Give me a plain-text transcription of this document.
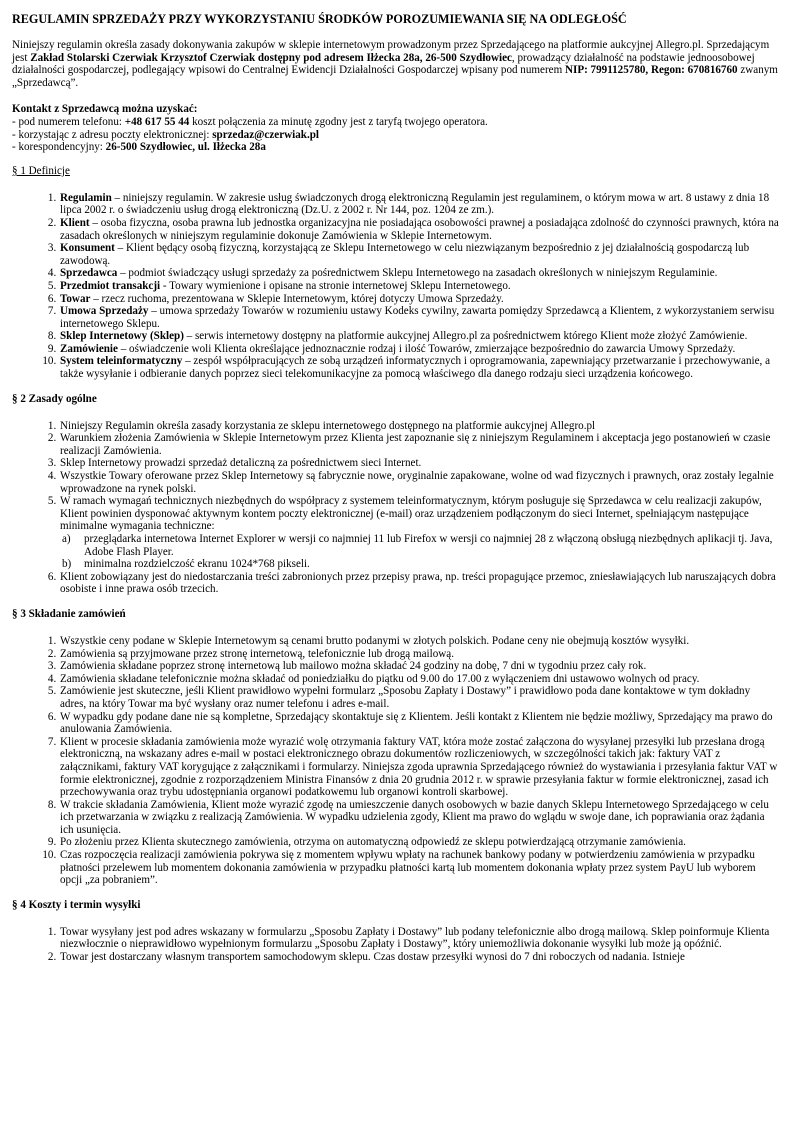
REGULAMIN SPRZEDAŻY PRZY WYKORZYSTANIU ŚRODKÓW POROZUMIEWANIA SIĘ NA ODLEGŁOŚĆ

Niniejszy regulamin określa zasady dokonywania zakupów w sklepie internetowym prowadzonym przez Sprzedającego na platformie aukcyjnej Allegro.pl. Sprzedającym jest Zakład Stolarski Czerwiak Krzysztof Czerwiak dostępny pod adresem Iłżecka 28a, 26-500 Szydłowiec, prowadzący działalność na podstawie jednoosobowej działalności gospodarczej, podlegający wpisowi do Centralnej Ewidencji Działalności Gospodarczej wpisany pod numerem NIP: 7991125780, Regon: 670816760 zwanym „Sprzedawcą”.

Kontakt z Sprzedawcą można uzyskać:

- pod numerem telefonu: +48 617 55 44 koszt połączenia za minutę zgodny jest z taryfą twojego operatora.

- korzystając z adresu poczty elektronicznej: sprzedaz@czerwiak.pl

- korespondencyjny: 26-500 Szydłowiec, ul. Iłżecka 28a

§ 1 Definicje

1. Regulamin – niniejszy regulamin. W zakresie usług świadczonych drogą elektroniczną Regulamin jest regulaminem, o którym mowa w art. 8 ustawy z dnia 18 lipca 2002 r. o świadczeniu usług drogą elektroniczną (Dz.U. z 2002 r. Nr 144, poz. 1204 ze zm.).
2. Klient – osoba fizyczna, osoba prawna lub jednostka organizacyjna nie posiadająca osobowości prawnej a posiadająca zdolność do czynności prawnych, która na zasadach określonych w niniejszym regulaminie dokonuje Zamówienia w Sklepie Internetowym.
3. Konsument – Klient będący osobą fizyczną, korzystającą ze Sklepu Internetowego w celu niezwiązanym bezpośrednio z jej działalnością gospodarczą lub zawodową.
4. Sprzedawca – podmiot świadczący usługi sprzedaży za pośrednictwem Sklepu Internetowego na zasadach określonych w niniejszym Regulaminie.
5. Przedmiot transakcji - Towary wymienione i opisane na stronie internetowej Sklepu Internetowego.
6. Towar – rzecz ruchoma, prezentowana w Sklepie Internetowym, której dotyczy Umowa Sprzedaży.
7. Umowa Sprzedaży – umowa sprzedaży Towarów w rozumieniu ustawy Kodeks cywilny, zawarta pomiędzy Sprzedawcą a Klientem, z wykorzystaniem serwisu internetowego Sklepu.
8. Sklep Internetowy (Sklep) – serwis internetowy dostępny na platformie aukcyjnej Allegro.pl za pośrednictwem którego Klient może złożyć Zamówienie.
9. Zamówienie – oświadczenie woli Klienta określające jednoznacznie rodzaj i ilość Towarów, zmierzające bezpośrednio do zawarcia Umowy Sprzedaży.
10. System teleinformatyczny – zespół współpracujących ze sobą urządzeń informatycznych i oprogramowania, zapewniający przetwarzanie i przechowywanie, a także wysyłanie i odbieranie danych poprzez sieci telekomunikacyjne za pomocą właściwego dla danego rodzaju sieci urządzenia końcowego.

§ 2 Zasady ogólne

1. Niniejszy Regulamin określa zasady korzystania ze sklepu internetowego dostępnego na platformie aukcyjnej Allegro.pl
2. Warunkiem złożenia Zamówienia w Sklepie Internetowym przez Klienta jest zapoznanie się z niniejszym Regulaminem i akceptacja jego postanowień w czasie realizacji Zamówienia.
3. Sklep Internetowy prowadzi sprzedaż detaliczną za pośrednictwem sieci Internet.
4. Wszystkie Towary oferowane przez Sklep Internetowy są fabrycznie nowe, oryginalnie zapakowane, wolne od wad fizycznych i prawnych, oraz zostały legalnie wprowadzone na rynek polski.
5. W ramach wymagań technicznych niezbędnych do współpracy z systemem teleinformatycznym, którym posługuje się Sprzedawca w celu realizacji zakupów, Klient powinien dysponować aktywnym kontem poczty elektronicznej (e-mail) oraz urządzeniem podłączonym do sieci Internet, spełniającym następujące minimalne wymagania techniczne:
a) przeglądarka internetowa Internet Explorer w wersji co najmniej 11 lub Firefox w wersji co najmniej 28 z włączoną obsługą niezbędnych aplikacji tj. Java, Adobe Flash Player.
b) minimalna rozdzielczość ekranu 1024*768 pikseli.
6. Klient zobowiązany jest do niedostarczania treści zabronionych przez przepisy prawa, np. treści propagujące przemoc, zniesławiających lub naruszających dobra osobiste i inne prawa osób trzecich.

§ 3 Składanie zamówień

1. Wszystkie ceny podane w Sklepie Internetowym są cenami brutto podanymi w złotych polskich. Podane ceny nie obejmują kosztów wysyłki.
2. Zamówienia są przyjmowane przez stronę internetową, telefonicznie lub drogą mailową.
3. Zamówienia składane poprzez stronę internetową lub mailowo można składać 24 godziny na dobę, 7 dni w tygodniu przez cały rok.
4. Zamówienia składane telefonicznie można składać od poniedziałku do piątku od 9.00 do 17.00 z wyłączeniem dni ustawowo wolnych od pracy.
5. Zamówienie jest skuteczne, jeśli Klient prawidłowo wypełni formularz „Sposobu Zapłaty i Dostawy” i prawidłowo poda dane kontaktowe w tym dokładny adres, na który Towar ma być wysłany oraz numer telefonu i adres e-mail.
6. W wypadku gdy podane dane nie są kompletne, Sprzedający skontaktuje się z Klientem. Jeśli kontakt z Klientem nie będzie możliwy, Sprzedający ma prawo do anulowania Zamówienia.
7. Klient w procesie składania zamówienia może wyrazić wolę otrzymania faktury VAT, która może zostać załączona do wysyłanej przesyłki lub przesłana drogą elektroniczną, na wskazany adres e-mail w postaci elektronicznego obrazu dokumentów rozliczeniowych, w szczególności takich jak: faktury VAT z załącznikami, faktury VAT korygujące z załącznikami i formularzy. Niniejsza zgoda uprawnia Sprzedającego również do wystawiania i przesyłania faktur VAT w formie elektronicznej, zgodnie z rozporządzeniem Ministra Finansów z dnia 20 grudnia 2012 r. w sprawie przesyłania faktur w formie elektronicznej, zasad ich przechowywania oraz trybu udostępniania organowi podatkowemu lub organowi kontroli skarbowej.
8. W trakcie składania Zamówienia, Klient może wyrazić zgodę na umieszczenie danych osobowych w bazie danych Sklepu Internetowego Sprzedającego w celu ich przetwarzania w związku z realizacją Zamówienia. W wypadku udzielenia zgody, Klient ma prawo do wglądu w swoje dane, ich poprawiania oraz żądania ich usunięcia.
9. Po złożeniu przez Klienta skutecznego zamówienia, otrzyma on automatyczną odpowiedź ze sklepu potwierdzającą otrzymanie zamówienia.
10. Czas rozpoczęcia realizacji zamówienia pokrywa się z momentem wpływu wpłaty na rachunek bankowy podany w potwierdzeniu zamówienia w przypadku płatności przelewem lub momentem dokonania zamówienia w przypadku płatności kartą lub momentem dokonania wpłaty przez system PayU lub wyborem opcji „za pobraniem”.

§ 4 Koszty i termin wysyłki

1. Towar wysyłany jest pod adres wskazany w formularzu „Sposobu Zapłaty i Dostawy” lub podany telefonicznie albo drogą mailową. Sklep poinformuje Klienta niezwłocznie o nieprawidłowo wypełnionym formularzu „Sposobu Zapłaty i Dostawy”, który uniemożliwia dokonanie wysyłki lub może ją opóźnić.
2. Towar jest dostarczany własnym transportem samochodowym sklepu. Czas dostaw przesyłki wynosi do 7 dni roboczych od nadania. Istnieje
